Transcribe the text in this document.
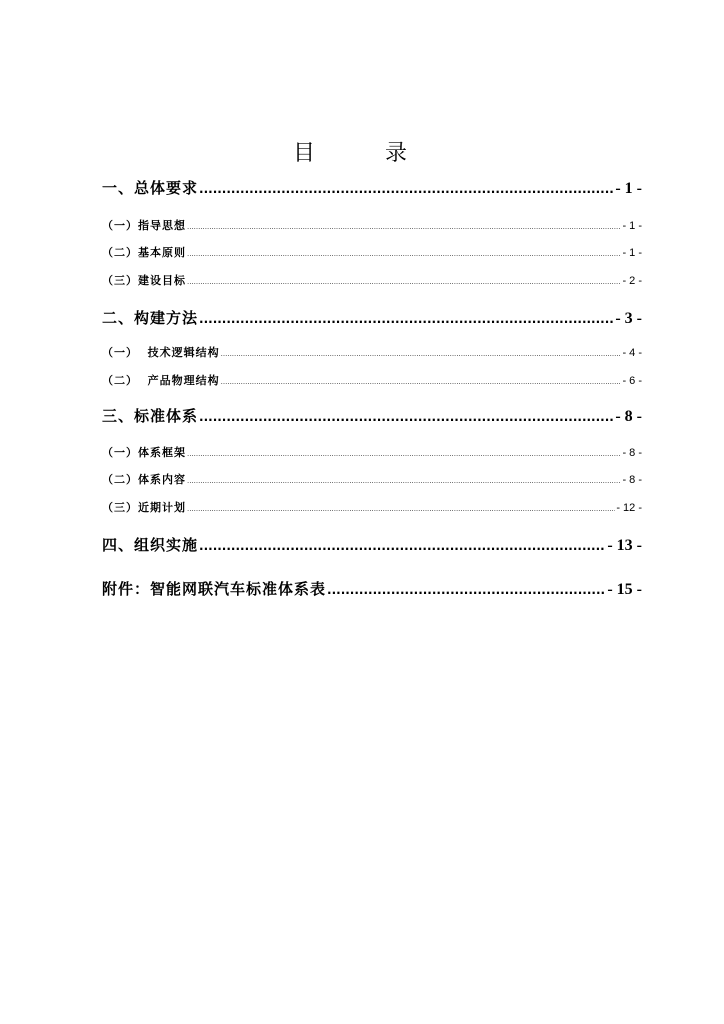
目　录
一、总体要求 .....	- 1 -
（一）指导思想 .....	- 1 -
（二）基本原则 .....	- 1 -
（三）建设目标 .....	- 2 -
二、构建方法 .....	- 3 -
（一）  技术逻辑结构 .....	- 4 -
（二）  产品物理结构 .....	- 6 -
三、标准体系 .....	- 8 -
（一）体系框架 .....	- 8 -
（二）体系内容 .....	- 8 -
（三）近期计划 .....	- 12 -
四、组织实施 .....	- 13 -
附件：智能网联汽车标准体系表 .....	- 15 -
